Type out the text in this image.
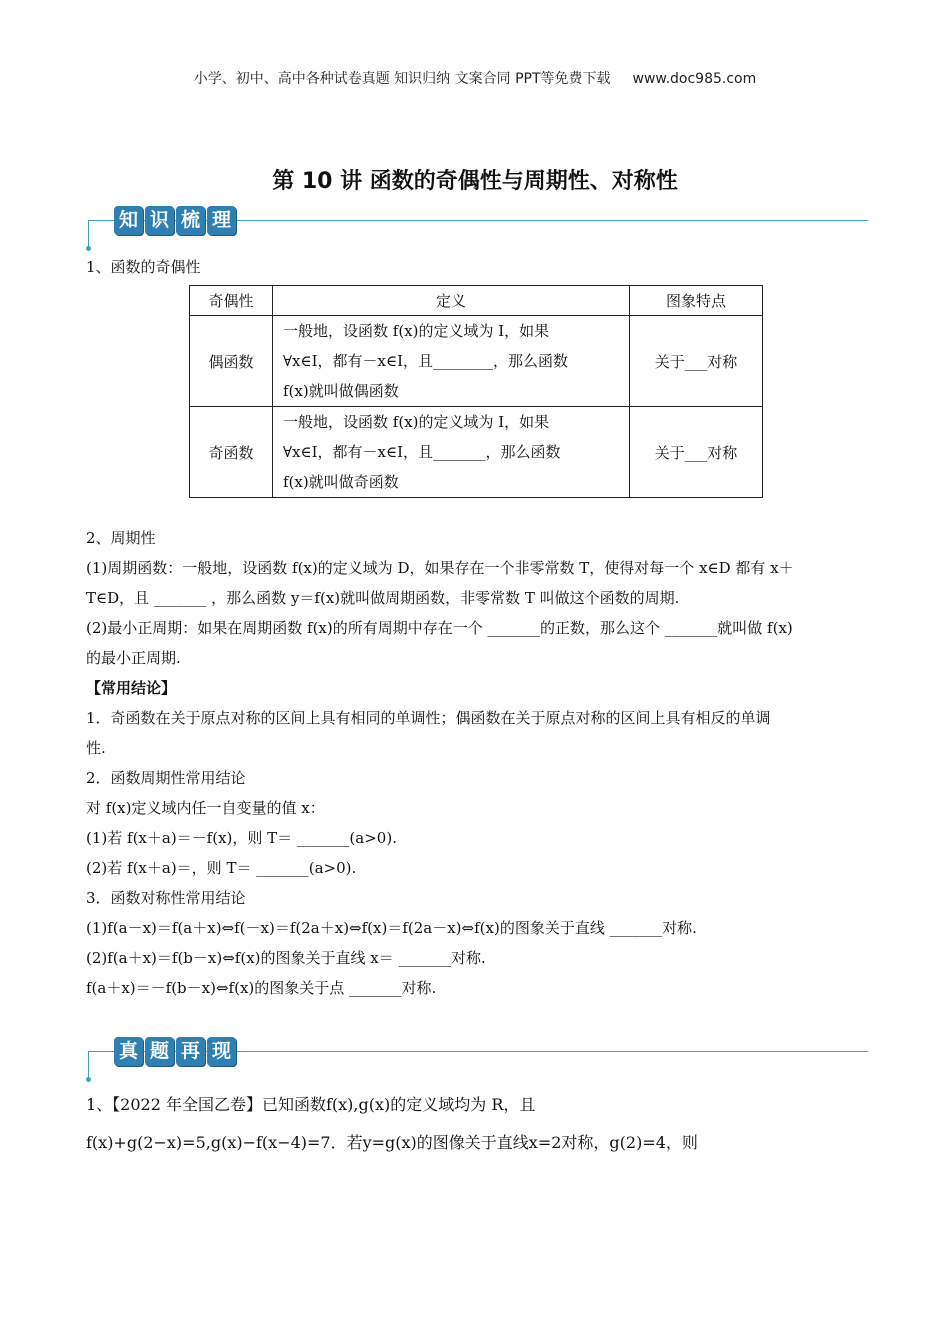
小学、初中、高中各种试卷真题 知识归纳 文案合同 PPT等免费下载 www.doc985.com
第 10 讲 函数的奇偶性与周期性、对称性
知 识 梳 理
1、函数的奇偶性
奇偶性	定义	图象特点
偶函数	一般地，设函数 f(x)的定义域为 I，如果
∀x∈I，都有－x∈I，且________，那么函数
f(x)就叫做偶函数	关于___对称
奇函数	一般地，设函数 f(x)的定义域为 I，如果
∀x∈I，都有－x∈I，且_______，那么函数
f(x)就叫做奇函数	关于___对称
2、周期性
(1)周期函数：一般地，设函数 f(x)的定义域为 D，如果存在一个非零常数 T，使得对每一个 x∈D 都有 x＋
T∈D，且 _______ ，那么函数 y＝f(x)就叫做周期函数，非零常数 T 叫做这个函数的周期.
(2)最小正周期：如果在周期函数 f(x)的所有周期中存在一个 _______的正数，那么这个 _______就叫做 f(x)
的最小正周期.
【常用结论】
1．奇函数在关于原点对称的区间上具有相同的单调性；偶函数在关于原点对称的区间上具有相反的单调
性.
2．函数周期性常用结论
对 f(x)定义域内任一自变量的值 x：
(1)若 f(x＋a)＝－f(x)，则 T＝ _______(a>0).
(2)若 f(x＋a)＝，则 T＝ _______(a>0).
3．函数对称性常用结论
(1)f(a－x)＝f(a＋x)⇔f(－x)＝f(2a＋x)⇔f(x)＝f(2a－x)⇔f(x)的图象关于直线 _______对称.
(2)f(a＋x)＝f(b－x)⇔f(x)的图象关于直线 x＝ _______对称.
f(a＋x)＝－f(b－x)⇔f(x)的图象关于点 _______对称.
真 题 再 现
1、【2022 年全国乙卷】已知函数f(x),g(x)的定义域均为 R，且
f(x)+g(2−x)=5,g(x)−f(x−4)=7．若y=g(x)的图像关于直线x=2对称，g(2)=4，则
